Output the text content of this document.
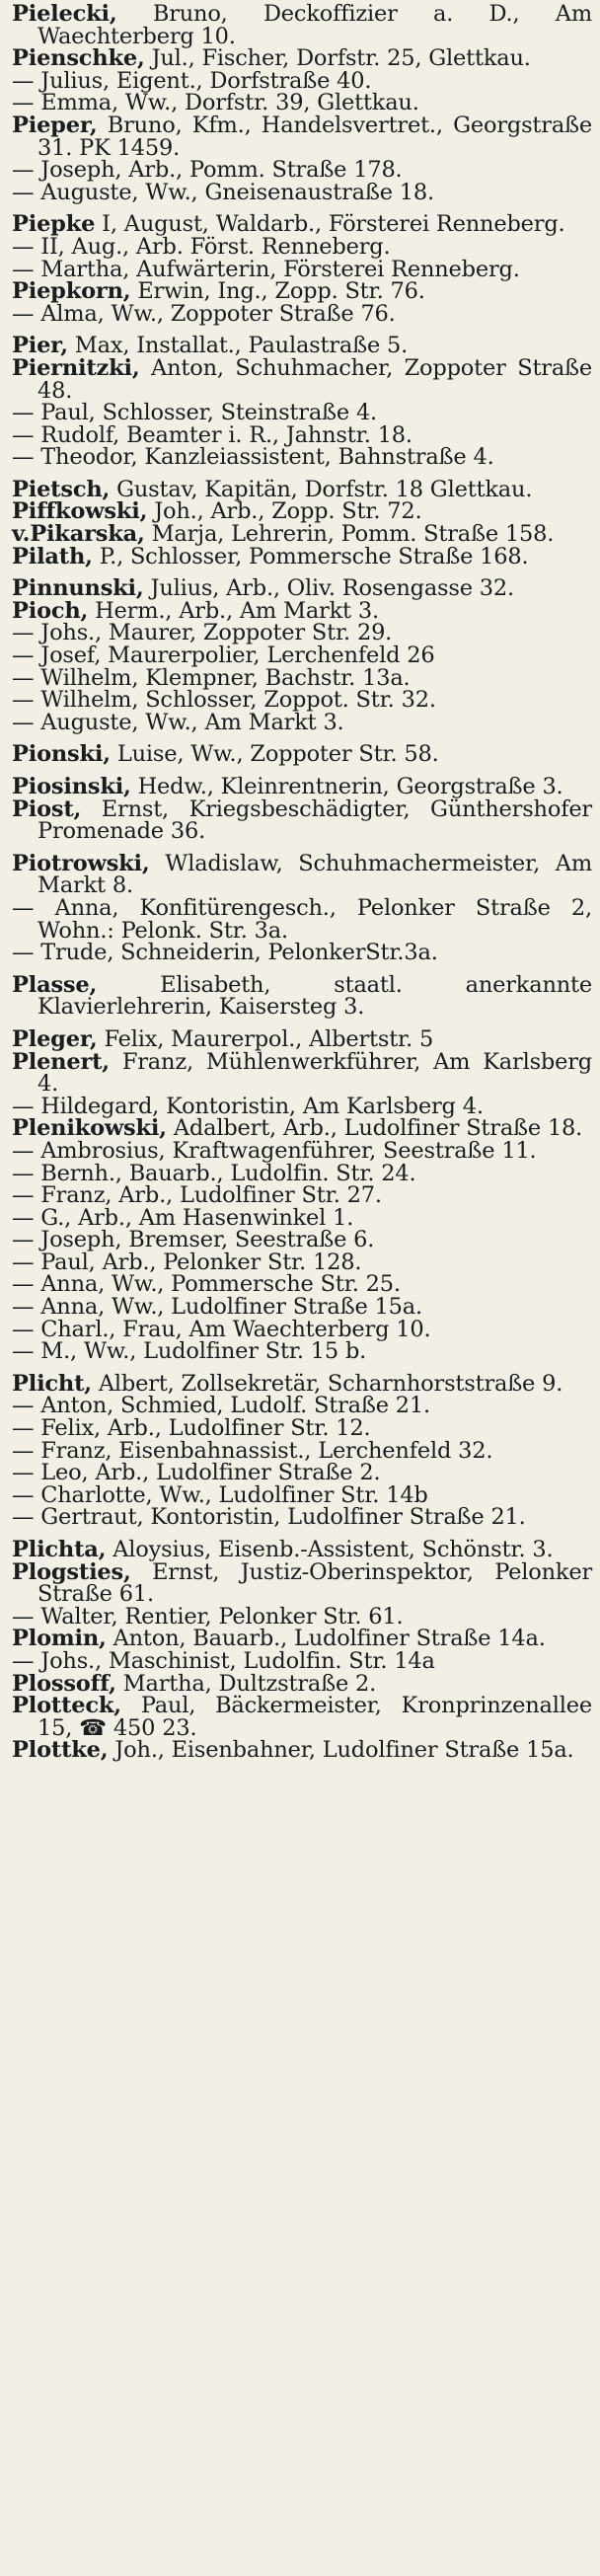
Pielecki, Bruno, Deckoffizier a. D., Am Waechterberg 10.

Pienschke, Jul., Fischer, Dorfstr. 25, Glettkau.

— Julius, Eigent., Dorfstraße 40.

— Emma, Ww., Dorfstr. 39, Glettkau.

Pieper, Bruno, Kfm., Handelsvertret., Georgstraße 31. PK 1459.

— Joseph, Arb., Pomm. Straße 178.

— Auguste, Ww., Gneisenaustraße 18.

Piepke I, August, Waldarb., Försterei Renneberg.

— II, Aug., Arb. Först. Renneberg.

— Martha, Aufwärterin, Försterei Renneberg.

Piepkorn, Erwin, Ing., Zopp. Str. 76.

— Alma, Ww., Zoppoter Straße 76.

Pier, Max, Installat., Paulastraße 5.

Piernitzki, Anton, Schuhmacher, Zoppoter Straße 48.

— Paul, Schlosser, Steinstraße 4.

— Rudolf, Beamter i. R., Jahnstr. 18.

— Theodor, Kanzleiassistent, Bahnstraße 4.

Pietsch, Gustav, Kapitän, Dorfstr. 18 Glettkau.

Piffkowski, Joh., Arb., Zopp. Str. 72.

v.Pikarska, Marja, Lehrerin, Pomm. Straße 158.

Pilath, P., Schlosser, Pommersche Straße 168.

Pinnunski, Julius, Arb., Oliv. Rosengasse 32.

Pioch, Herm., Arb., Am Markt 3.

— Johs., Maurer, Zoppoter Str. 29.

— Josef, Maurerpolier, Lerchenfeld 26

— Wilhelm, Klempner, Bachstr. 13a.

— Wilhelm, Schlosser, Zoppot. Str. 32.

— Auguste, Ww., Am Markt 3.

Pionski, Luise, Ww., Zoppoter Str. 58.

Piosinski, Hedw., Kleinrentnerin, Georgstraße 3.

Piost, Ernst, Kriegsbeschädigter, Günthershofer Promenade 36.

Piotrowski, Wladislaw, Schuhmachermeister, Am Markt 8.

— Anna, Konfitürengesch., Pelonker Straße 2, Wohn.: Pelonk. Str. 3a.

— Trude, Schneiderin, PelonkerStr.3a.

Plasse,	Elisabeth, staatl. anerkannte Klavierlehrerin, Kaisersteg 3.

Pleger, Felix, Maurerpol., Albertstr. 5

Plenert, Franz, Mühlenwerkführer, Am Karlsberg 4.

— Hildegard, Kontoristin, Am Karlsberg 4.

Plenikowski, Adalbert, Arb., Ludolfiner Straße 18.

— Ambrosius, Kraftwagenführer, Seestraße 11.

— Bernh., Bauarb., Ludolfin. Str. 24.

— Franz, Arb., Ludolfiner Str. 27.

— G., Arb., Am Hasenwinkel 1.

— Joseph, Bremser, Seestraße 6.

— Paul, Arb., Pelonker Str. 128.

— Anna, Ww., Pommersche Str. 25.

— Anna, Ww., Ludolfiner Straße 15a.

— Charl., Frau, Am Waechterberg 10.

— M., Ww., Ludolfiner Str. 15 b.

Plicht, Albert, Zollsekretär, Scharnhorststraße 9.

— Anton, Schmied, Ludolf. Straße 21.

— Felix, Arb., Ludolfiner Str. 12.

— Franz, Eisenbahnassist., Lerchenfeld 32.

— Leo, Arb., Ludolfiner Straße 2.

— Charlotte, Ww., Ludolfiner Str. 14b

— Gertraut, Kontoristin, Ludolfiner Straße 21.

Plichta, Aloysius, Eisenb.-Assistent, Schönstr. 3.

Plogsties, Ernst, Justiz-Oberinspektor, Pelonker Straße 61.

— Walter, Rentier, Pelonker Str. 61.

Plomin, Anton, Bauarb., Ludolfiner Straße 14a.

— Johs., Maschinist, Ludolfin. Str. 14a

Plossoff, Martha, Dultzstraße 2.

Plotteck, Paul, Bäckermeister, Kronprinzenallee 15, ☎ 450 23.

Plottke, Joh., Eisenbahner, Ludolfiner Straße 15a.
